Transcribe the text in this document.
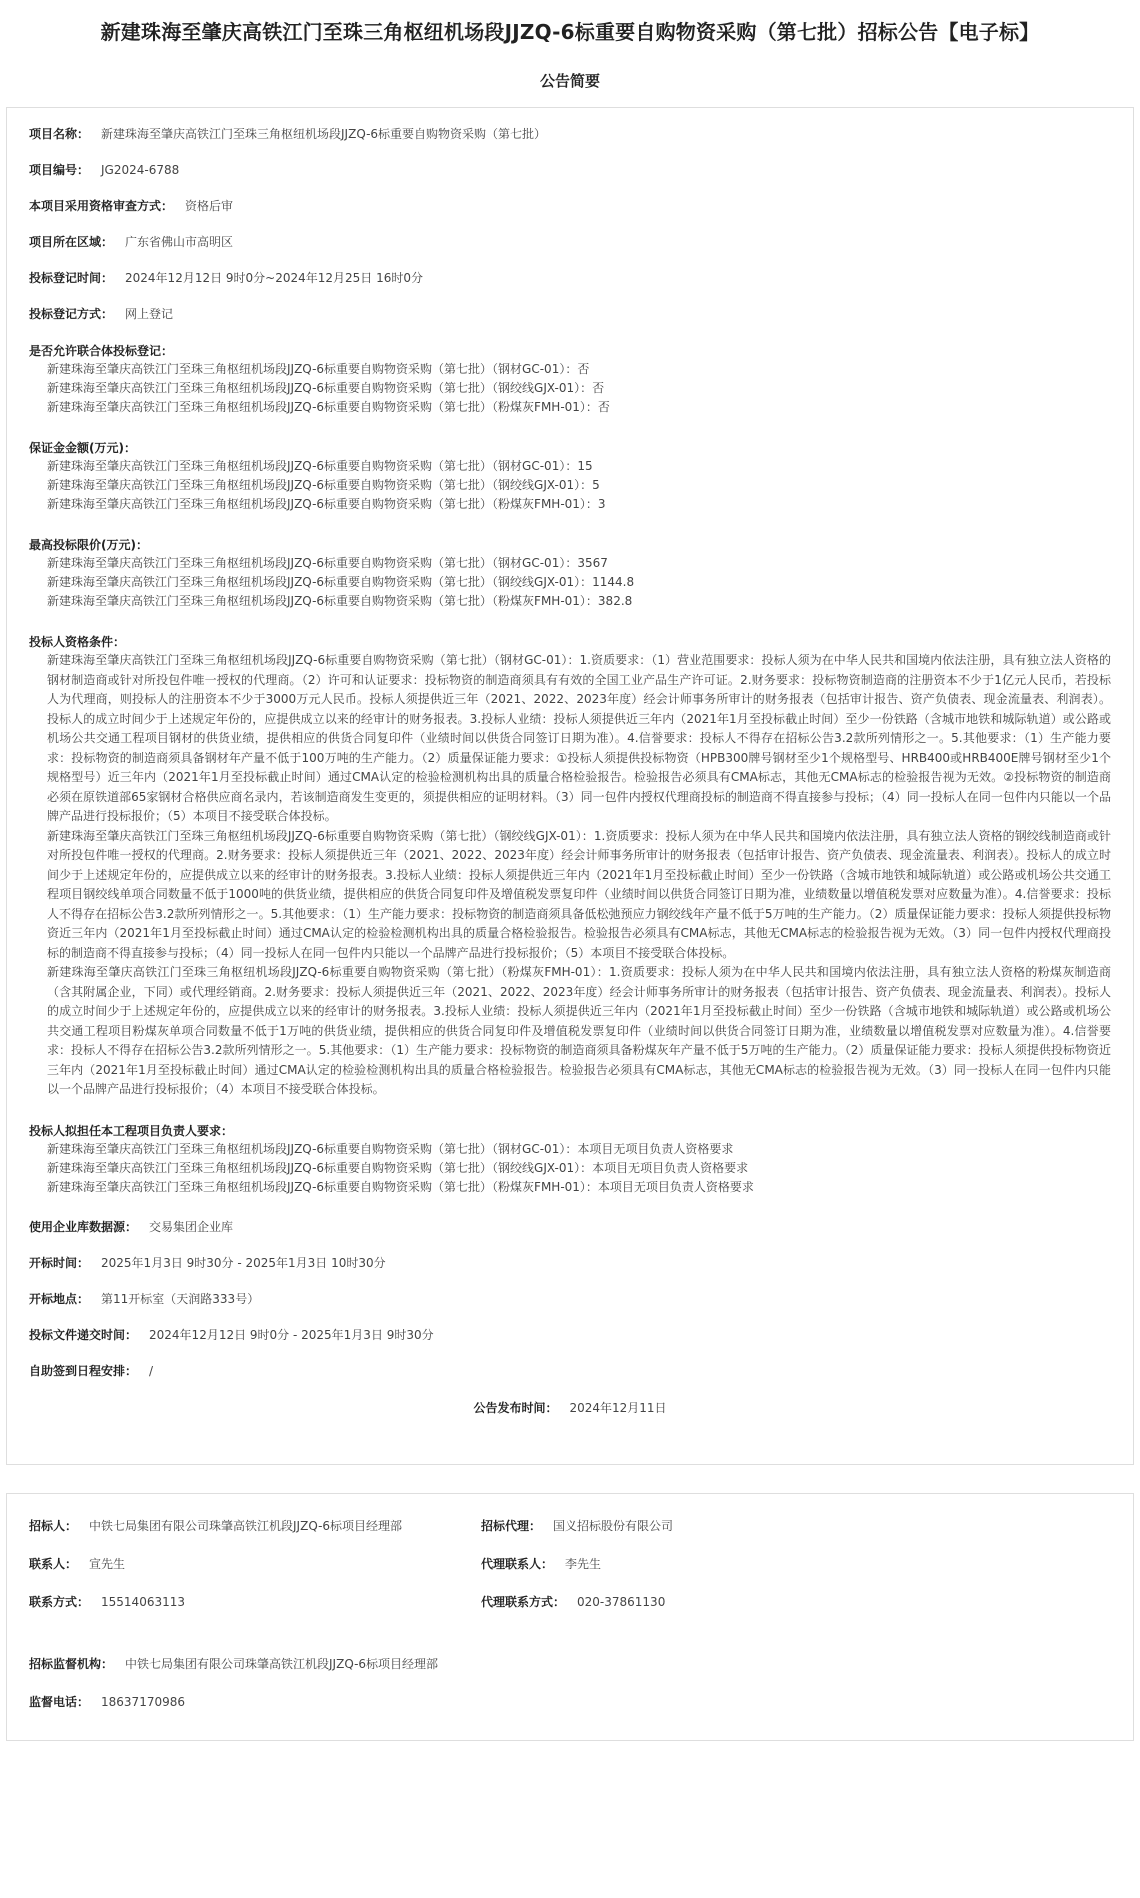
新建珠海至肇庆高铁江门至珠三角枢纽机场段JJZQ-6标重要自购物资采购（第七批）招标公告【电子标】
公告简要
项目名称： 新建珠海至肇庆高铁江门至珠三角枢纽机场段JJZQ-6标重要自购物资采购（第七批）
项目编号： JG2024-6788
本项目采用资格审查方式： 资格后审
项目所在区域： 广东省佛山市高明区
投标登记时间： 2024年12月12日 9时0分~2024年12月25日 16时0分
投标登记方式： 网上登记
是否允许联合体投标登记：
新建珠海至肇庆高铁江门至珠三角枢纽机场段JJZQ-6标重要自购物资采购（第七批）（钢材GC-01）：否
新建珠海至肇庆高铁江门至珠三角枢纽机场段JJZQ-6标重要自购物资采购（第七批）（钢绞线GJX-01）：否
新建珠海至肇庆高铁江门至珠三角枢纽机场段JJZQ-6标重要自购物资采购（第七批）（粉煤灰FMH-01）：否
保证金金额(万元)：
新建珠海至肇庆高铁江门至珠三角枢纽机场段JJZQ-6标重要自购物资采购（第七批）（钢材GC-01）：15
新建珠海至肇庆高铁江门至珠三角枢纽机场段JJZQ-6标重要自购物资采购（第七批）（钢绞线GJX-01）：5
新建珠海至肇庆高铁江门至珠三角枢纽机场段JJZQ-6标重要自购物资采购（第七批）（粉煤灰FMH-01）：3
最高投标限价(万元)：
新建珠海至肇庆高铁江门至珠三角枢纽机场段JJZQ-6标重要自购物资采购（第七批）（钢材GC-01）：3567
新建珠海至肇庆高铁江门至珠三角枢纽机场段JJZQ-6标重要自购物资采购（第七批）（钢绞线GJX-01）：1144.8
新建珠海至肇庆高铁江门至珠三角枢纽机场段JJZQ-6标重要自购物资采购（第七批）（粉煤灰FMH-01）：382.8
投标人资格条件：
新建珠海至肇庆高铁江门至珠三角枢纽机场段JJZQ-6标重要自购物资采购（第七批）（钢材GC-01）：1.资质要求：（1）营业范围要求：投标人须为在中华人民共和国境内依法注册，具有独立法人资格的钢材制造商或针对所投包件唯一授权的代理商。（2）许可和认证要求：投标物资的制造商须具有有效的全国工业产品生产许可证。2.财务要求：投标物资制造商的注册资本不少于1亿元人民币，若投标人为代理商，则投标人的注册资本不少于3000万元人民币。投标人须提供近三年（2021、2022、2023年度）经会计师事务所审计的财务报表（包括审计报告、资产负债表、现金流量表、利润表）。投标人的成立时间少于上述规定年份的，应提供成立以来的经审计的财务报表。3.投标人业绩：投标人须提供近三年内（2021年1月至投标截止时间）至少一份铁路（含城市地铁和城际轨道）或公路或机场公共交通工程项目钢材的供货业绩，提供相应的供货合同复印件（业绩时间以供货合同签订日期为准）。4.信誉要求：投标人不得存在招标公告3.2款所列情形之一。5.其他要求：（1）生产能力要求：投标物资的制造商须具备钢材年产量不低于100万吨的生产能力。（2）质量保证能力要求：①投标人须提供投标物资（HPB300牌号钢材至少1个规格型号、HRB400或HRB400E牌号钢材至少1个规格型号）近三年内（2021年1月至投标截止时间）通过CMA认定的检验检测机构出具的质量合格检验报告。检验报告必须具有CMA标志，其他无CMA标志的检验报告视为无效。②投标物资的制造商必须在原铁道部65家钢材合格供应商名录内，若该制造商发生变更的，须提供相应的证明材料。（3）同一包件内授权代理商投标的制造商不得直接参与投标；（4）同一投标人在同一包件内只能以一个品牌产品进行投标报价；（5）本项目不接受联合体投标。
新建珠海至肇庆高铁江门至珠三角枢纽机场段JJZQ-6标重要自购物资采购（第七批）（钢绞线GJX-01）：1.资质要求：投标人须为在中华人民共和国境内依法注册，具有独立法人资格的钢绞线制造商或针对所投包件唯一授权的代理商。2.财务要求：投标人须提供近三年（2021、2022、2023年度）经会计师事务所审计的财务报表（包括审计报告、资产负债表、现金流量表、利润表）。投标人的成立时间少于上述规定年份的，应提供成立以来的经审计的财务报表。3.投标人业绩：投标人须提供近三年内（2021年1月至投标截止时间）至少一份铁路（含城市地铁和城际轨道）或公路或机场公共交通工程项目钢绞线单项合同数量不低于1000吨的供货业绩，提供相应的供货合同复印件及增值税发票复印件（业绩时间以供货合同签订日期为准，业绩数量以增值税发票对应数量为准）。4.信誉要求：投标人不得存在招标公告3.2款所列情形之一。5.其他要求：（1）生产能力要求：投标物资的制造商须具备低松弛预应力钢绞线年产量不低于5万吨的生产能力。（2）质量保证能力要求：投标人须提供投标物资近三年内（2021年1月至投标截止时间）通过CMA认定的检验检测机构出具的质量合格检验报告。检验报告必须具有CMA标志，其他无CMA标志的检验报告视为无效。（3）同一包件内授权代理商投标的制造商不得直接参与投标；（4）同一投标人在同一包件内只能以一个品牌产品进行投标报价；（5）本项目不接受联合体投标。
新建珠海至肇庆高铁江门至珠三角枢纽机场段JJZQ-6标重要自购物资采购（第七批）（粉煤灰FMH-01）：1.资质要求：投标人须为在中华人民共和国境内依法注册，具有独立法人资格的粉煤灰制造商（含其附属企业，下同）或代理经销商。2.财务要求：投标人须提供近三年（2021、2022、2023年度）经会计师事务所审计的财务报表（包括审计报告、资产负债表、现金流量表、利润表）。投标人的成立时间少于上述规定年份的，应提供成立以来的经审计的财务报表。3.投标人业绩：投标人须提供近三年内（2021年1月至投标截止时间）至少一份铁路（含城市地铁和城际轨道）或公路或机场公共交通工程项目粉煤灰单项合同数量不低于1万吨的供货业绩，提供相应的供货合同复印件及增值税发票复印件（业绩时间以供货合同签订日期为准，业绩数量以增值税发票对应数量为准）。4.信誉要求：投标人不得存在招标公告3.2款所列情形之一。5.其他要求：（1）生产能力要求：投标物资的制造商须具备粉煤灰年产量不低于5万吨的生产能力。（2）质量保证能力要求：投标人须提供投标物资近三年内（2021年1月至投标截止时间）通过CMA认定的检验检测机构出具的质量合格检验报告。检验报告必须具有CMA标志，其他无CMA标志的检验报告视为无效。（3）同一投标人在同一包件内只能以一个品牌产品进行投标报价；（4）本项目不接受联合体投标。
投标人拟担任本工程项目负责人要求：
新建珠海至肇庆高铁江门至珠三角枢纽机场段JJZQ-6标重要自购物资采购（第七批）（钢材GC-01）：本项目无项目负责人资格要求
新建珠海至肇庆高铁江门至珠三角枢纽机场段JJZQ-6标重要自购物资采购（第七批）（钢绞线GJX-01）：本项目无项目负责人资格要求
新建珠海至肇庆高铁江门至珠三角枢纽机场段JJZQ-6标重要自购物资采购（第七批）（粉煤灰FMH-01）：本项目无项目负责人资格要求
使用企业库数据源： 交易集团企业库
开标时间： 2025年1月3日 9时30分 - 2025年1月3日 10时30分
开标地点： 第11开标室（天润路333号）
投标文件递交时间： 2024年12月12日 9时0分 - 2025年1月3日 9时30分
自助签到日程安排： /
公告发布时间： 2024年12月11日
招标人： 中铁七局集团有限公司珠肇高铁江机段JJZQ-6标项目经理部	招标代理： 国义招标股份有限公司
联系人： 宣先生	代理联系人： 李先生
联系方式： 15514063113	代理联系方式： 020-37861130
招标监督机构： 中铁七局集团有限公司珠肇高铁江机段JJZQ-6标项目经理部
监督电话： 18637170986
